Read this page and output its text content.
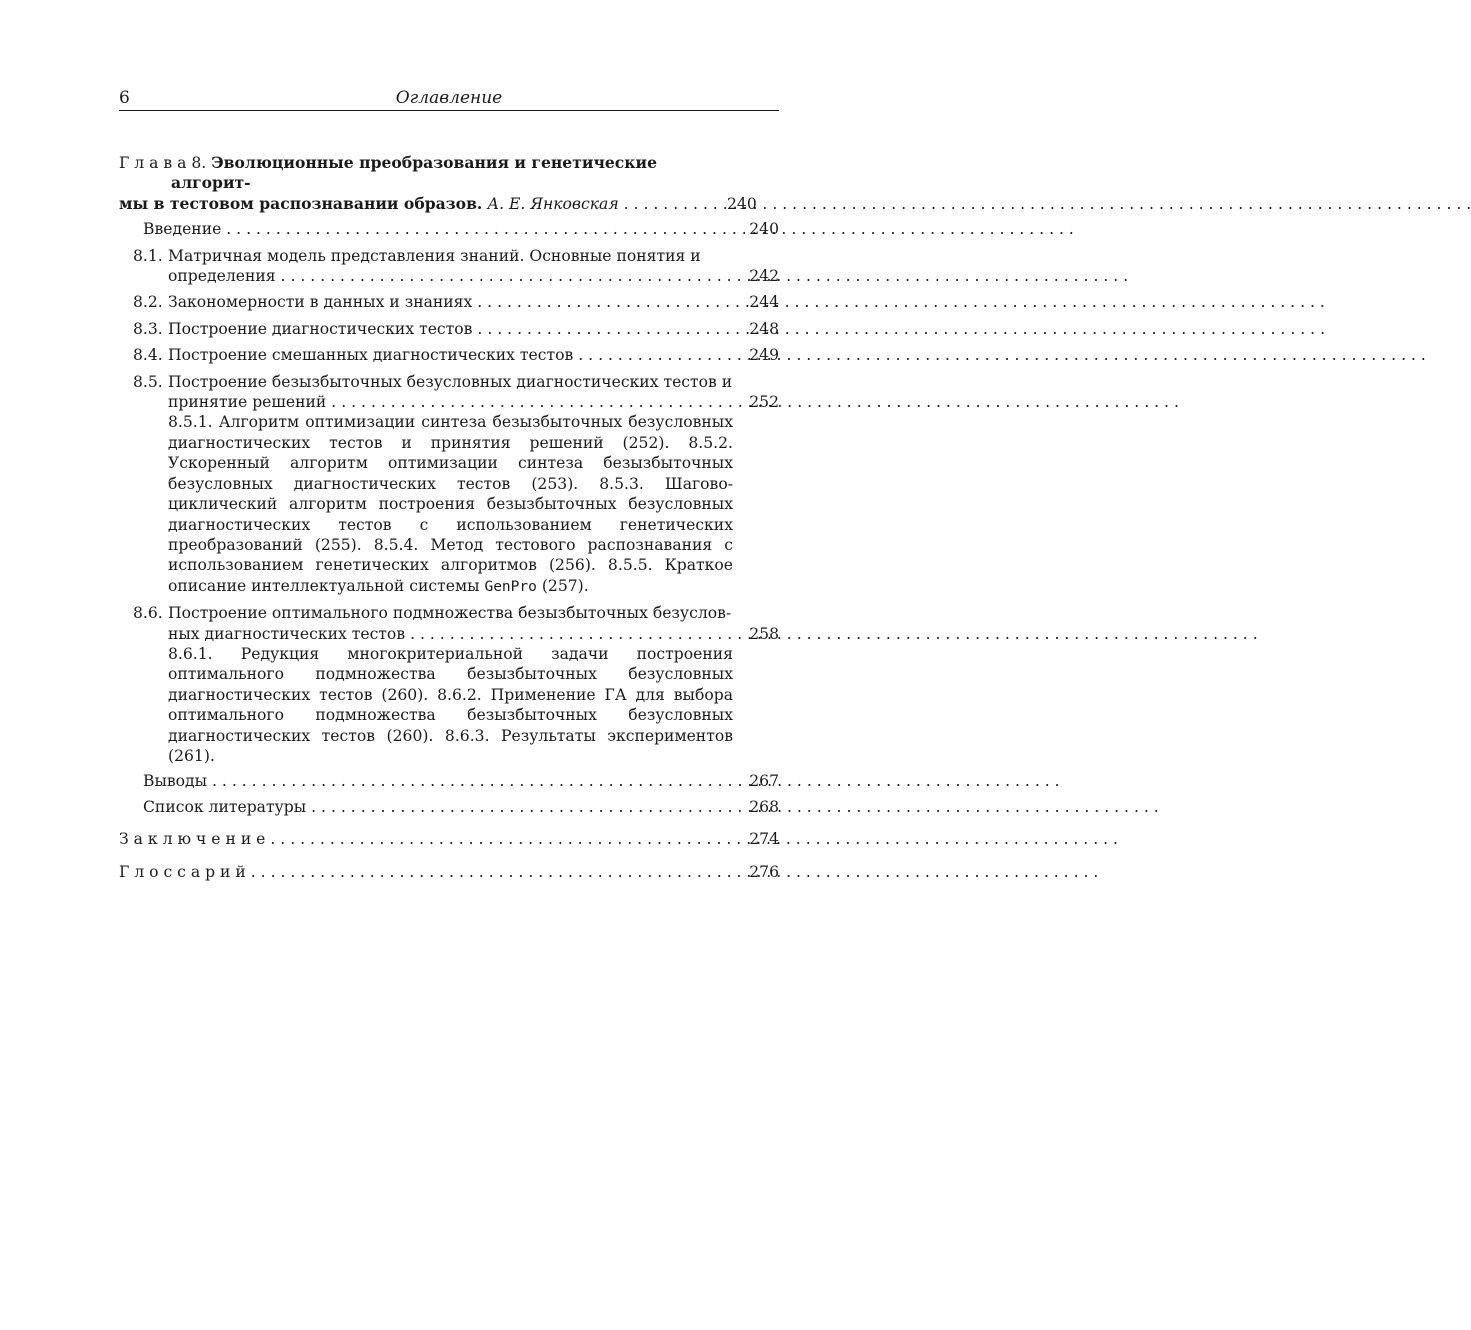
6	Оглавление
Г л а в а 8. Эволюционные преобразования и генетические алгорит-
мы в тестовом распознавании образов. А. Е. Янковская . . .	240
Введение . . .	240
8.1. Матричная модель представления знаний. Основные понятия и
определения . . .	242
8.2. Закономерности в данных и знаниях . . .	244
8.3. Построение диагностических тестов . . .	248
8.4. Построение смешанных диагностических тестов . . .	249
8.5. Построение безызбыточных безусловных диагностических тестов и
принятие решений . . .	252
8.5.1. Алгоритм оптимизации синтеза безызбыточных безусловных диагностических тестов и принятия решений (252). 8.5.2. Ускоренный алгоритм оптимизации синтеза безызбыточных безусловных диагностических тестов (253). 8.5.3. Шагово-циклический алгоритм построения безызбыточных безусловных диагностических тестов с использованием генетических преобразований (255). 8.5.4. Метод тестового распознавания с использованием генетических алгоритмов (256). 8.5.5. Краткое описание интеллектуальной системы GenPro (257).
8.6. Построение оптимального подмножества безызбыточных безуслов-
ных диагностических тестов . . .	258
8.6.1. Редукция многокритериальной задачи построения оптимального подмножества безызбыточных безусловных диагностических тестов (260). 8.6.2. Применение ГА для выбора оптимального подмножества безызбыточных безусловных диагностических тестов (260). 8.6.3. Результаты экспериментов (261).
Выводы . . .	267
Список литературы . . .	268
З а к л ю ч е н и е . . .	274
Г л о с с а р и й . . .	276
